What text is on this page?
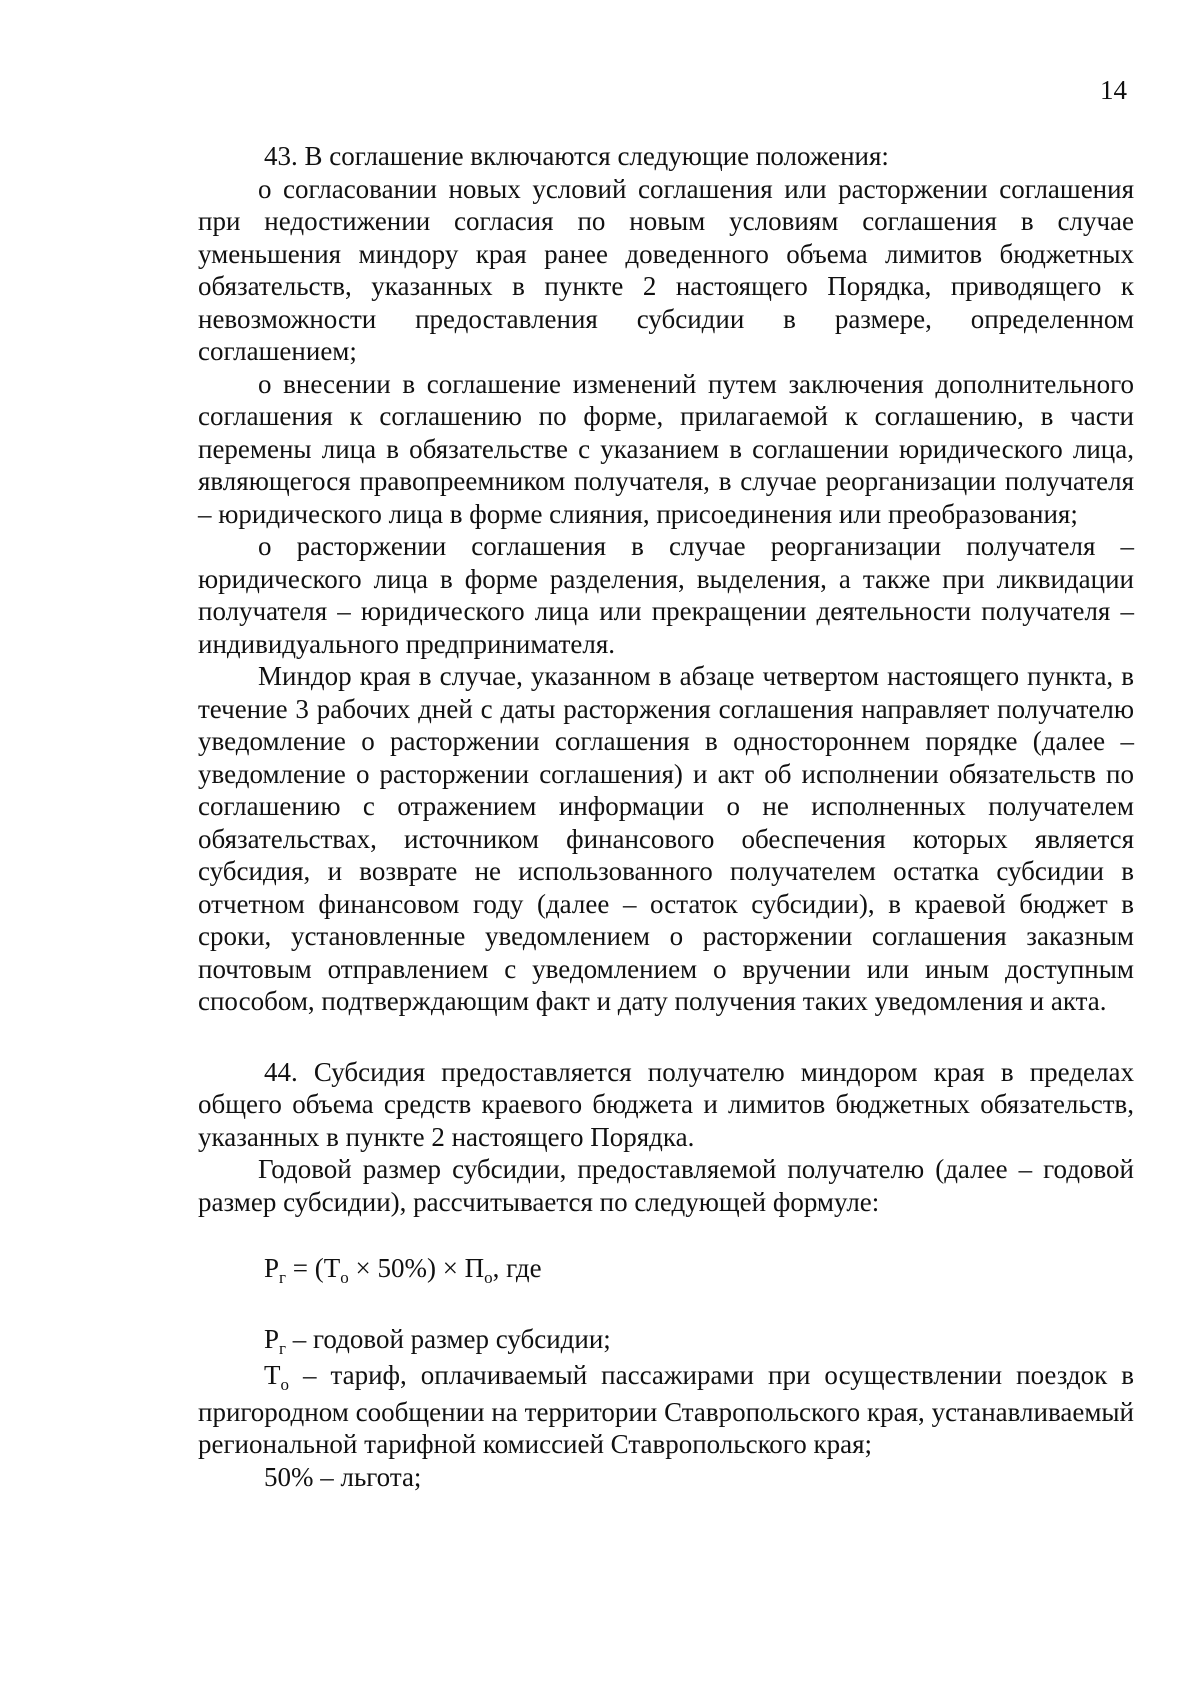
14

43. В соглашение включаются следующие положения:

о согласовании новых условий соглашения или расторжении соглашения при недостижении согласия по новым условиям соглашения в случае уменьшения миндору края ранее доведенного объема лимитов бюджетных обязательств, указанных в пункте 2 настоящего Порядка, приводящего к невозможности предоставления субсидии в размере, определенном соглашением;

о внесении в соглашение изменений путем заключения дополнительного соглашения к соглашению по форме, прилагаемой к соглашению, в части перемены лица в обязательстве с указанием в соглашении юридического лица, являющегося правопреемником получателя, в случае реорганизации получателя – юридического лица в форме слияния, присоединения или преобразования;

о расторжении соглашения в случае реорганизации получателя – юридического лица в форме разделения, выделения, а также при ликвидации получателя – юридического лица или прекращении деятельности получателя – индивидуального предпринимателя.

Миндор края в случае, указанном в абзаце четвертом настоящего пункта, в течение 3 рабочих дней с даты расторжения соглашения направляет получателю уведомление о расторжении соглашения в одностороннем порядке (далее – уведомление о расторжении соглашения) и акт об исполнении обязательств по соглашению с отражением информации о не исполненных получателем обязательствах, источником финансового обеспечения которых является субсидия, и возврате не использованного получателем остатка субсидии в отчетном финансовом году (далее – остаток субсидии), в краевой бюджет в сроки, установленные уведомлением о расторжении соглашения заказным почтовым отправлением с уведомлением о вручении или иным доступным способом, подтверждающим факт и дату получения таких уведомления и акта.

44. Субсидия предоставляется получателю миндором края в пределах общего объема средств краевого бюджета и лимитов бюджетных обязательств, указанных в пункте 2 настоящего Порядка.

Годовой размер субсидии, предоставляемой получателю (далее – годовой размер субсидии), рассчитывается по следующей формуле:

$Р_г = (Т_о \times 50\%) \times П_о$, где

$Р_г$ – годовой размер субсидии;

$Т_о$ – тариф, оплачиваемый пассажирами при осуществлении поездок в пригородном сообщении на территории Ставропольского края, устанавливаемый региональной тарифной комиссией Ставропольского края;

50% – льгота;
